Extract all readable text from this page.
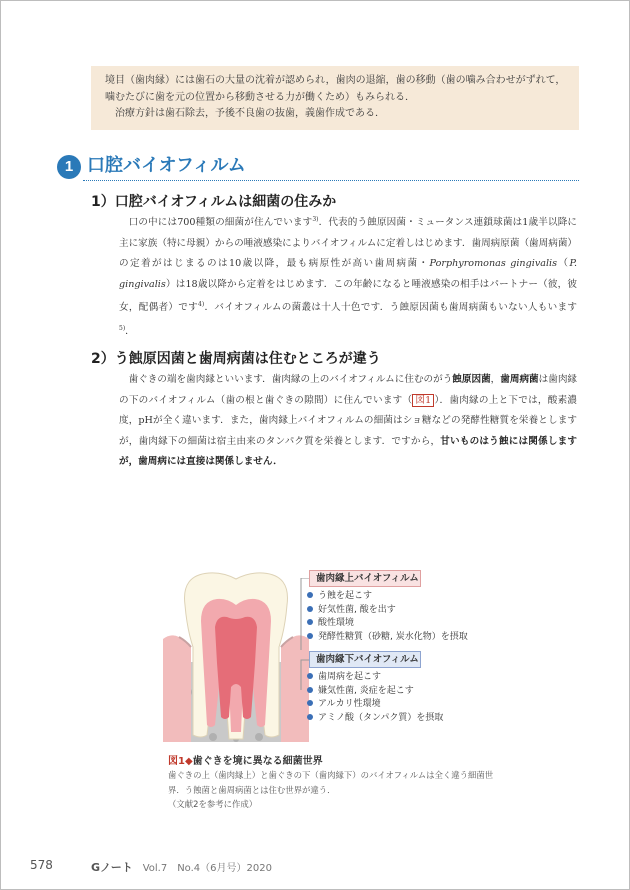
境目（歯肉縁）には歯石の大量の沈着が認められ，歯肉の退縮，歯の移動（歯の噛み合わせがずれて，噛むたびに歯を元の位置から移動させる力が働くため）もみられる．

治療方針は歯石除去，予後不良歯の抜歯，義歯作成である．

1 口腔バイオフィルム
1）口腔バイオフィルムは細菌の住みか
口の中には700種類の細菌が住んでいます$^{3)}$．代表的う蝕原因菌・ミュータンス連鎖球菌は1歳半以降に主に家族（特に母親）からの唾液感染によりバイオフィルムに定着しはじめます．歯周病原菌（歯周病菌）の定着がはじまるのは10歳以降，最も病原性が高い歯周病菌・Porphyromonas gingivalis（P. gingivalis）は18歳以降から定着をはじめます．この年齢になると唾液感染の相手はパートナー（彼，彼女，配偶者）です$^{4)}$．バイオフィルムの菌叢は十人十色です．う蝕原因菌も歯周病菌もいない人もいます$^{5)}$．
2）う蝕原因菌と歯周病菌は住むところが違う
歯ぐきの端を歯肉縁といいます．歯肉縁の上のバイオフィルムに住むのがう蝕原因菌，歯周病菌は歯肉縁の下のバイオフィルム（歯の根と歯ぐきの隙間）に住んでいます（ 図1 ）．歯肉縁の上と下では，酸素濃度，pHが全く違います．また，歯肉縁上バイオフィルムの細菌はショ糖などの発酵性糖質を栄養としますが，歯肉縁下の細菌は宿主由来のタンパク質を栄養とします．ですから，甘いものはう蝕には関係しますが，歯周病には直接は関係しません．
歯肉縁上バイオフィルム
う蝕を起こす
好気性菌, 酸を出す
酸性環境
発酵性糖質（砂糖, 炭水化物）を摂取
歯肉縁下バイオフィルム
歯周病を起こす
嫌気性菌, 炎症を起こす
アルカリ性環境
アミノ酸（タンパク質）を摂取
図1◆歯ぐきを境に異なる細菌世界
歯ぐきの上（歯肉縁上）と歯ぐきの下（歯肉縁下）のバイオフィルムは全く違う細菌世界．う蝕菌と歯周病菌とは住む世界が違う．
（文献2を参考に作成）
578	Gノート Vol.7　No.4（6月号）2020
